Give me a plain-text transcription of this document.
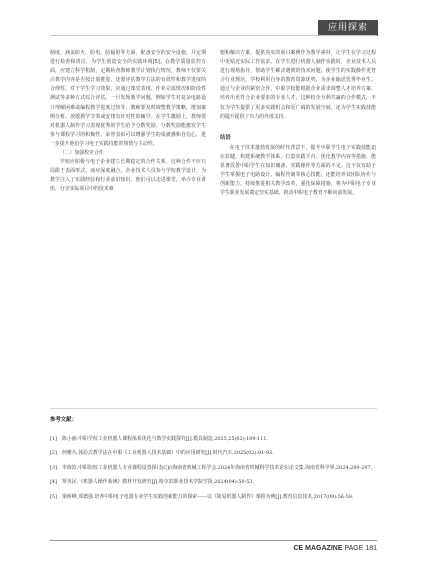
应用探索

制度，涵盖防火、防电、防辐射等方面，配备安全的安全设施，并定期进行检查和清洁，为学生创造安全的实践环境[5]。在教学质量监控方面，应建立科学机制，定期检查教师教学计划执行情况，教师不仅要关注教学内容是否按计划推进，还要评估教学方法的有效性和教学进度的合理性。对于学生学习效果，应通过课堂表现、作业完成情况和阶段性测试等多种方式综合评估。一旦发现教学问题，例如学生对复杂电路设计理解困难或编程教学进度过快等，教师要及时调整教学策略，增加案例分析、放缓教学节奏或安排有针对性的辅导。在学生激励上，教师要对机器人制作学习表现优秀的学生给予分数奖励。分数奖励能激发学生参与课程学习的积极性，荣誉表彰可以增强学生的成就感和自信心，进一步提升他们学习电子实践技能的热情与主动性。

（二）加强校企合作

学校应积极与电子企业建立长期稳定的合作关系，这种合作不应只局限于表面形式，而应深度融合。企业技术人员参与学校教学设计，为教学注入了实践经验和行业前沿知识，他们可以走进课堂，举办专业讲座，分享实际项目中的技术难

题和解决方案，提供真实的项目案例作为教学素材，让学生在学习过程中更贴近实际工作需求。在学生进行机器人制作实践时，企业技术人员进行现场指导，帮助学生解决遇到的技术问题，使学生的实践操作更符合行业规范。学校利用自身的教育资源优势，为企业输送优秀毕业生。通过与企业的紧密合作，中职学校能根据企业需求调整人才培养方案，培养出更符合企业要求的专业人才。这种校企互利共赢的合作模式，不仅为学生提供了更多实践机会和更广阔的发展空间，还为学生实践技能的提升提供了有力的外部支持。

结语

在电子技术蓬勃发展的时代背景下，提升中职学生电子实践技能迫在眉睫。构建系统教学体系、打造实践平台、优化教学内容等措施，能显著改善中职学生在知识储备、实践操作等方面的不足。这不仅有助于学生掌握电子电路设计、编程控制等核心技能，还能培养其团队协作与创新能力。持续推进相关教学改革，强化保障措施，将为中职电子专业学生职业发展奠定坚实基础，推动中职电子教育不断向前发展。

参考文献：
[1] 陈小丽.中职学校工业机器人课程体系优化与教学实践探究[J].模具制造,2025,25(02):109-111.
[2] 何雅丛.体验式教学法在中职《工业机器人技术基础》中的应用研究[J].时代汽车,2025(02):91-93.
[3] 李海滨.中职院校工业机器人专业课程设置探讨[C]//海南省机械工程学会.2024年海南省机械科学技术论坛论文集.海南省科学界,2024:289-297.
[4] 覃英民.《机器人操作系统》教材开发研究[J].哈尔滨职业技术学院学报,2024(04):50-53.
[5] 梁桥峰,邓德强.培养中职电子电器专业学生实践创新能力的探索——以《简易机器人制作》课程为例[J].教育信息技术,2017(09):56-58.
CE MAGAZINE PAGE 181
